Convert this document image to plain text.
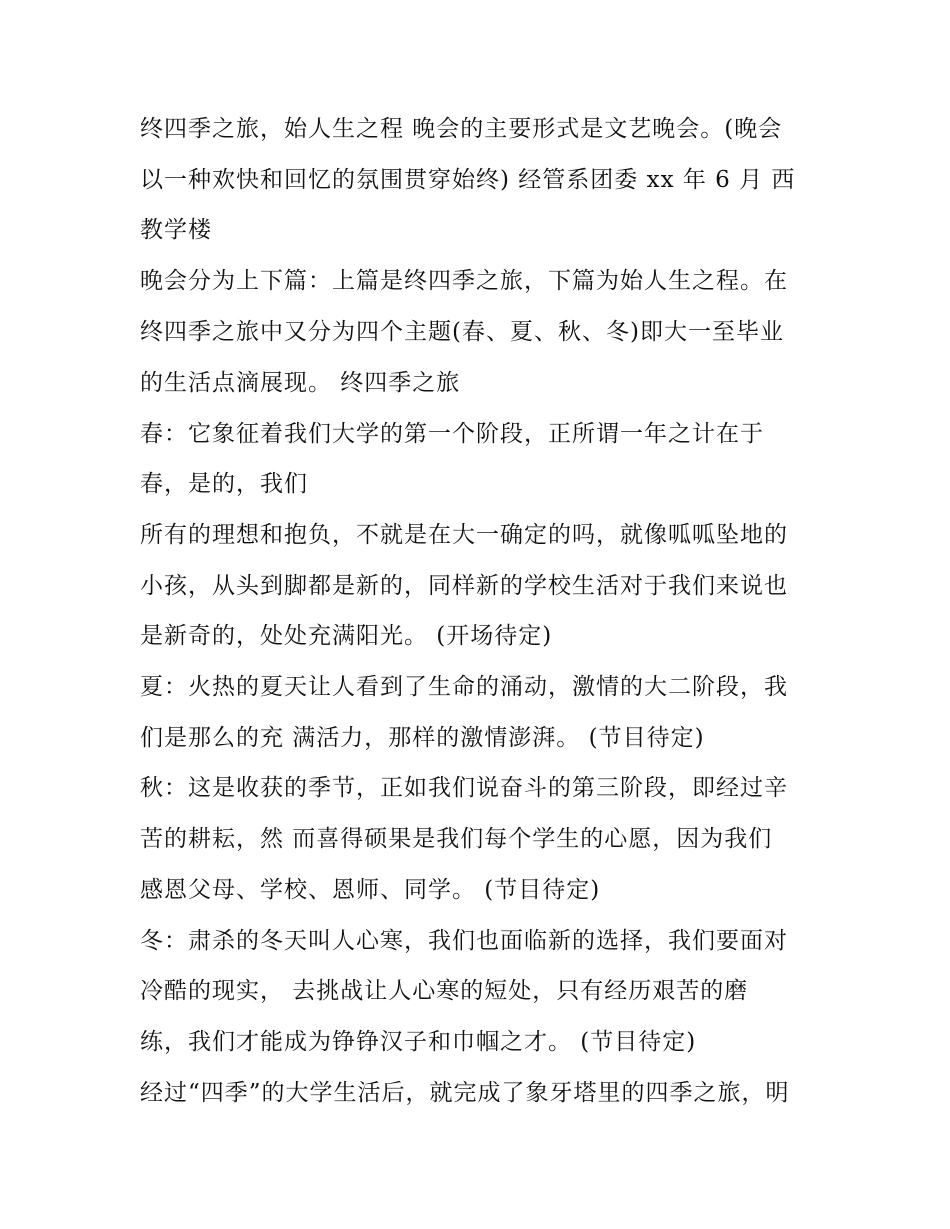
终四季之旅，始人生之程 晚会的主要形式是文艺晚会。(晚会
以一种欢快和回忆的氛围贯穿始终) 经管系团委 xx 年 6 月 西
教学楼
晚会分为上下篇：上篇是终四季之旅，下篇为始人生之程。在
终四季之旅中又分为四个主题(春、夏、秋、冬)即大一至毕业
的生活点滴展现。 终四季之旅
春：它象征着我们大学的第一个阶段，正所谓一年之计在于
春，是的，我们
所有的理想和抱负，不就是在大一确定的吗，就像呱呱坠地的
小孩，从头到脚都是新的，同样新的学校生活对于我们来说也
是新奇的，处处充满阳光。 (开场待定)
夏：火热的夏天让人看到了生命的涌动，激情的大二阶段，我
们是那么的充 满活力，那样的激情澎湃。 (节目待定)
秋：这是收获的季节，正如我们说奋斗的第三阶段，即经过辛
苦的耕耘，然 而喜得硕果是我们每个学生的心愿，因为我们
感恩父母、学校、恩师、同学。 (节目待定)
冬：肃杀的冬天叫人心寒，我们也面临新的选择，我们要面对
冷酷的现实， 去挑战让人心寒的短处，只有经历艰苦的磨
练，我们才能成为铮铮汉子和巾帼之才。 (节目待定)
经过“四季”的大学生活后，就完成了象牙塔里的四季之旅，明
